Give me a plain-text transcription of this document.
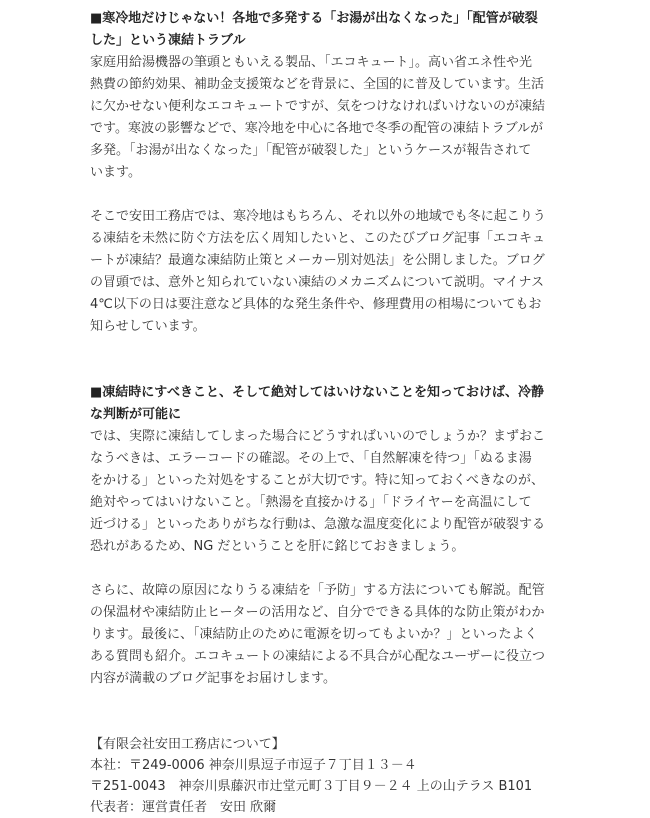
■寒冷地だけじゃない！各地で多発する「お湯が出なくなった」「配管が破裂
した」という凍結トラブル

家庭用給湯機器の筆頭ともいえる製品、「エコキュート」。高い省エネ性や光
熱費の節約効果、補助金支援策などを背景に、全国的に普及しています。生活
に欠かせない便利なエコキュートですが、気をつけなければいけないのが凍結
です。寒波の影響などで、寒冷地を中心に各地で冬季の配管の凍結トラブルが
多発。「お湯が出なくなった」「配管が破裂した」というケースが報告されて
います。

そこで安田工務店では、寒冷地はもちろん、それ以外の地域でも冬に起こりう
る凍結を未然に防ぐ方法を広く周知したいと、このたびブログ記事「エコキュ
ートが凍結？最適な凍結防止策とメーカー別対処法」を公開しました。ブログ
の冒頭では、意外と知られていない凍結のメカニズムについて説明。マイナス
4℃以下の日は要注意など具体的な発生条件や、修理費用の相場についてもお
知らせしています。

■凍結時にすべきこと、そして絶対してはいけないことを知っておけば、冷静
な判断が可能に

では、実際に凍結してしまった場合にどうすればいいのでしょうか？まずおこ
なうべきは、エラーコードの確認。その上で、「自然解凍を待つ」「ぬるま湯
をかける」といった対処をすることが大切です。特に知っておくべきなのが、
絶対やってはいけないこと。「熱湯を直接かける」「ドライヤーを高温にして
近づける」といったありがちな行動は、急激な温度変化により配管が破裂する
恐れがあるため、NG だということを肝に銘じておきましょう。

さらに、故障の原因になりうる凍結を「予防」する方法についても解説。配管
の保温材や凍結防止ヒーターの活用など、自分でできる具体的な防止策がわか
ります。最後に、「凍結防止のために電源を切ってもよいか？」といったよく
ある質問も紹介。エコキュートの凍結による不具合が心配なユーザーに役立つ
内容が満載のブログ記事をお届けします。

【有限会社安田工務店について】
本社：〒249-0006 神奈川県逗子市逗子７丁目１３－４
〒251-0043　神奈川県藤沢市辻堂元町３丁目９－２４ 上の山テラス B101
代表者：運営責任者　安田 欣爾
